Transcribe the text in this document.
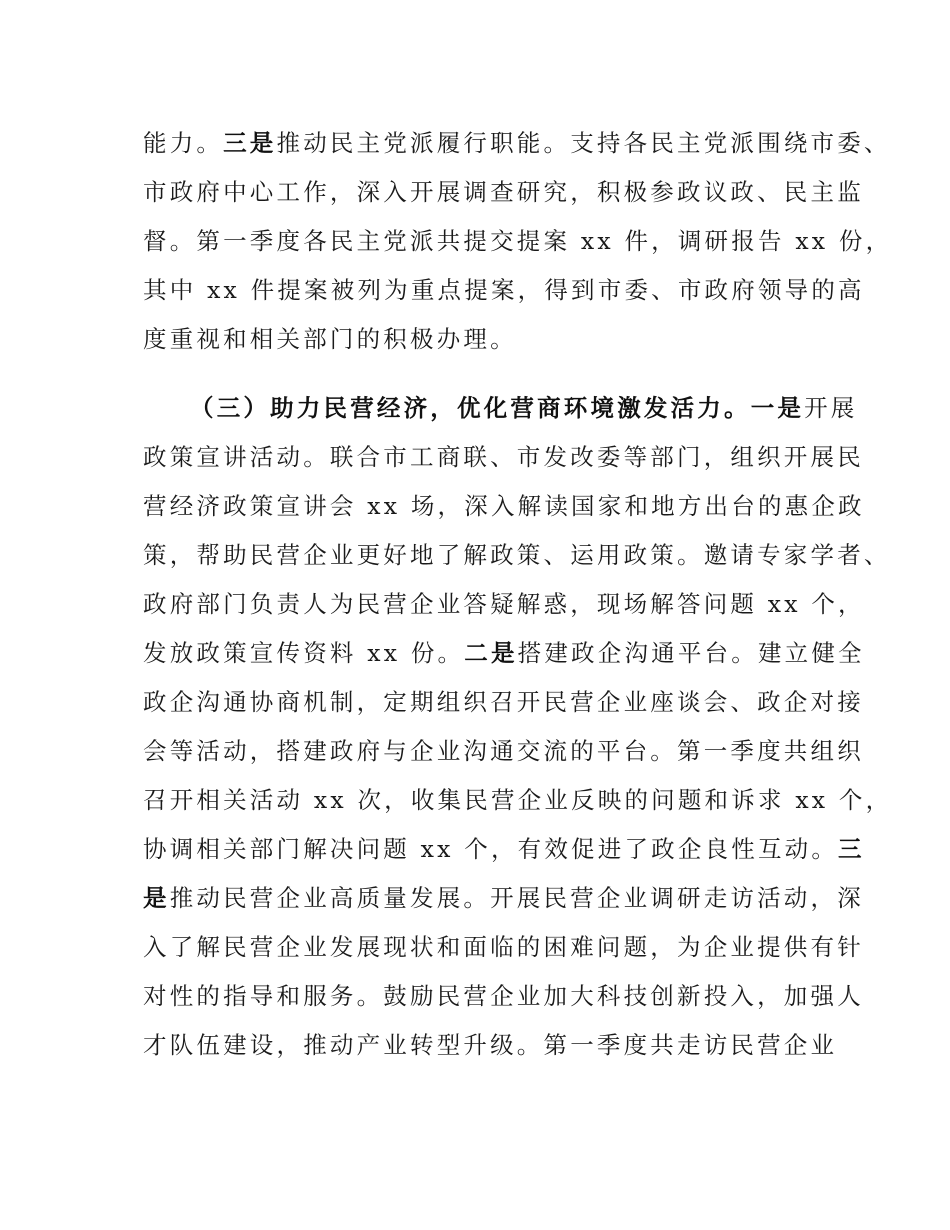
能力。三是推动民主党派履行职能。支持各民主党派围绕市委、
市政府中心工作，深入开展调查研究，积极参政议政、民主监
督。第一季度各民主党派共提交提案 xx 件，调研报告 xx 份，
其中 xx 件提案被列为重点提案，得到市委、市政府领导的高
度重视和相关部门的积极办理。
（三）助力民营经济，优化营商环境激发活力。一是开展
政策宣讲活动。联合市工商联、市发改委等部门，组织开展民
营经济政策宣讲会 xx 场，深入解读国家和地方出台的惠企政
策，帮助民营企业更好地了解政策、运用政策。邀请专家学者、
政府部门负责人为民营企业答疑解惑，现场解答问题 xx 个，
发放政策宣传资料 xx 份。二是搭建政企沟通平台。建立健全
政企沟通协商机制，定期组织召开民营企业座谈会、政企对接
会等活动，搭建政府与企业沟通交流的平台。第一季度共组织
召开相关活动 xx 次，收集民营企业反映的问题和诉求 xx 个，
协调相关部门解决问题 xx 个，有效促进了政企良性互动。三
是推动民营企业高质量发展。开展民营企业调研走访活动，深
入了解民营企业发展现状和面临的困难问题，为企业提供有针
对性的指导和服务。鼓励民营企业加大科技创新投入，加强人
才队伍建设，推动产业转型升级。第一季度共走访民营企业
